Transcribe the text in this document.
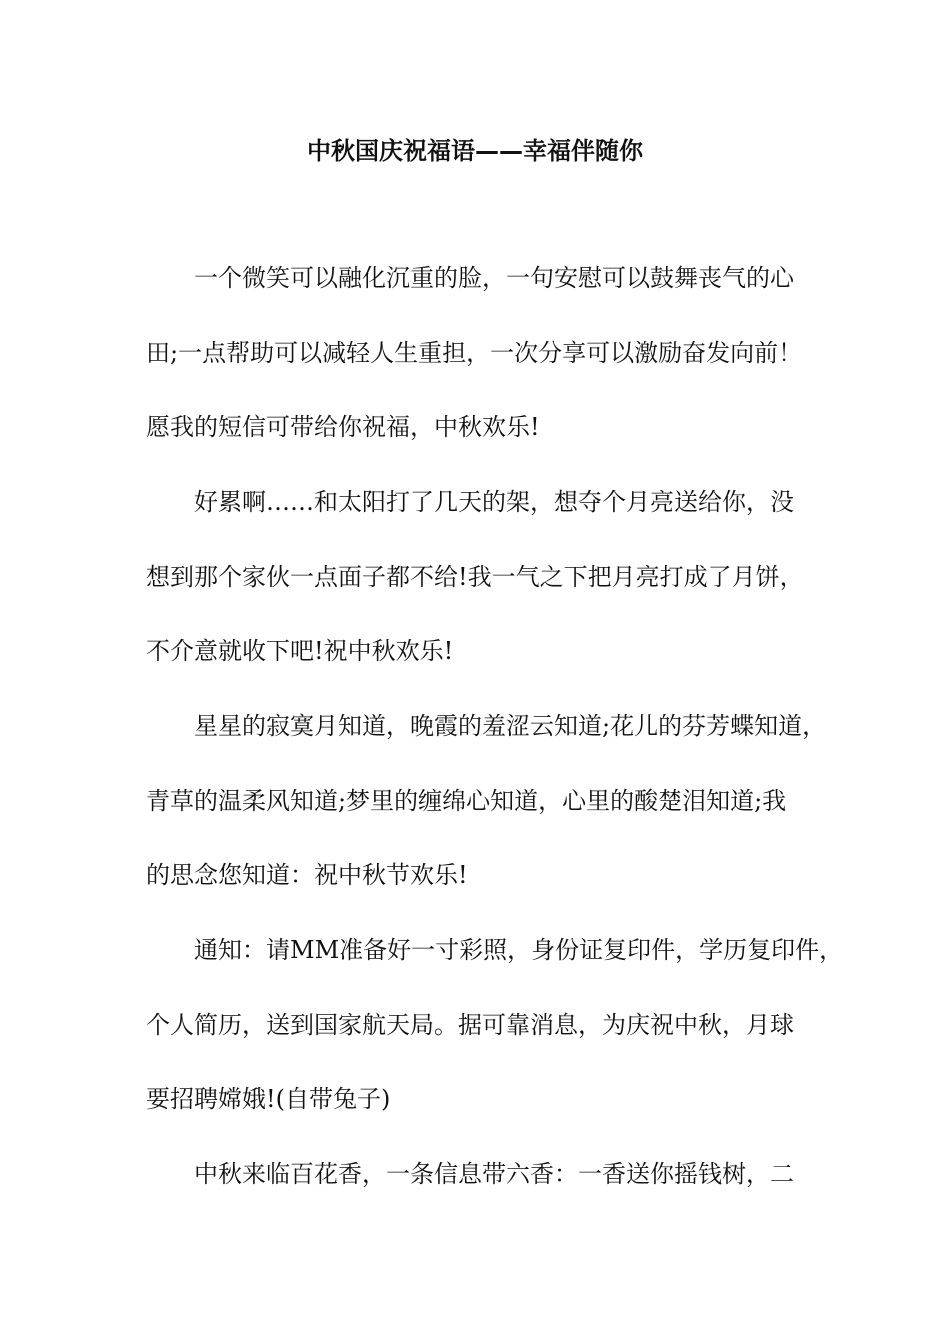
中秋国庆祝福语——幸福伴随你
一个微笑可以融化沉重的脸，一句安慰可以鼓舞丧气的心
田;一点帮助可以减轻人生重担，一次分享可以激励奋发向前！
愿我的短信可带给你祝福，中秋欢乐!
好累啊……和太阳打了几天的架，想夺个月亮送给你，没
想到那个家伙一点面子都不给!我一气之下把月亮打成了月饼，
不介意就收下吧!祝中秋欢乐!
星星的寂寞月知道，晚霞的羞涩云知道;花儿的芬芳蝶知道，
青草的温柔风知道;梦里的缠绵心知道，心里的酸楚泪知道;我
的思念您知道：祝中秋节欢乐!
通知：请MM准备好一寸彩照，身份证复印件，学历复印件，
个人简历，送到国家航天局。据可靠消息，为庆祝中秋，月球
要招聘嫦娥!(自带兔子)
中秋来临百花香，一条信息带六香：一香送你摇钱树，二
